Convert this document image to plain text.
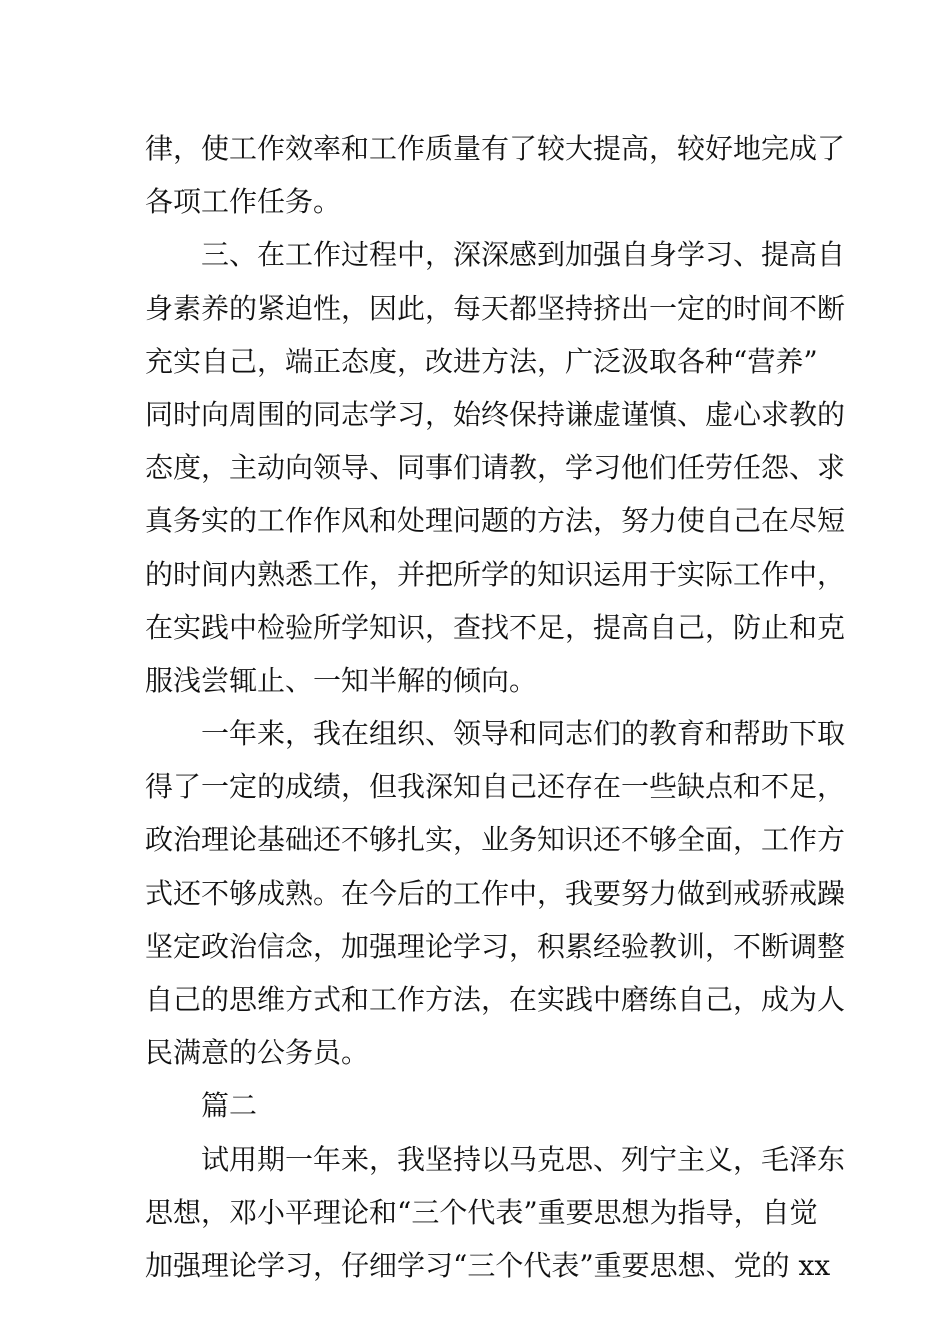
律，使工作效率和工作质量有了较大提高，较好地完成了
各项工作任务。
三、在工作过程中，深深感到加强自身学习、提高自
身素养的紧迫性，因此，每天都坚持挤出一定的时间不断
充实自己，端正态度，改进方法，广泛汲取各种“营养”
同时向周围的同志学习，始终保持谦虚谨慎、虚心求教的
态度，主动向领导、同事们请教，学习他们任劳任怨、求
真务实的工作作风和处理问题的方法，努力使自己在尽短
的时间内熟悉工作，并把所学的知识运用于实际工作中，
在实践中检验所学知识，查找不足，提高自己，防止和克
服浅尝辄止、一知半解的倾向。
一年来，我在组织、领导和同志们的教育和帮助下取
得了一定的成绩，但我深知自己还存在一些缺点和不足，
政治理论基础还不够扎实，业务知识还不够全面，工作方
式还不够成熟。在今后的工作中，我要努力做到戒骄戒躁
坚定政治信念，加强理论学习，积累经验教训，不断调整
自己的思维方式和工作方法，在实践中磨练自己，成为人
民满意的公务员。
篇二
试用期一年来，我坚持以马克思、列宁主义，毛泽东
思想，邓小平理论和“三个代表”重要思想为指导，自觉
加强理论学习，仔细学习“三个代表”重要思想、党的 xx
